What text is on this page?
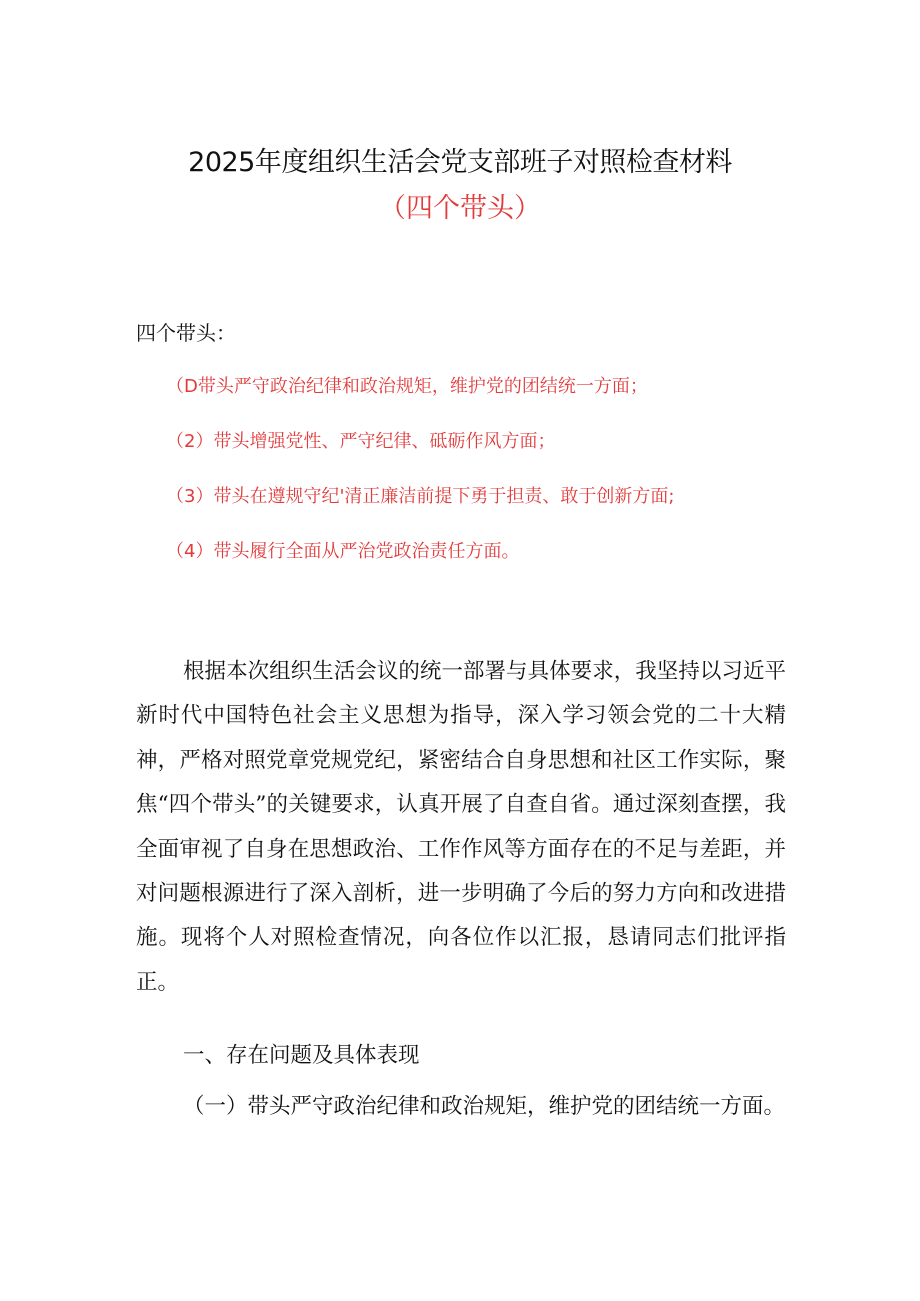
2025年度组织生活会党支部班子对照检查材料
（四个带头）
四个带头：
（D带头严守政治纪律和政治规矩，维护党的团结统一方面；
（2）带头增强党性、严守纪律、砥砺作风方面；
（3）带头在遵规守纪'清正廉洁前提下勇于担责、敢于创新方面;
（4）带头履行全面从严治党政治责任方面。

根据本次组织生活会议的统一部署与具体要求，我坚持以习近平新时代中国特色社会主义思想为指导，深入学习领会党的二十大精神，严格对照党章党规党纪，紧密结合自身思想和社区工作实际，聚焦“四个带头”的关键要求，认真开展了自查自省。通过深刻查摆，我全面审视了自身在思想政治、工作作风等方面存在的不足与差距，并对问题根源进行了深入剖析，进一步明确了今后的努力方向和改进措施。现将个人对照检查情况，向各位作以汇报，恳请同志们批评指正。

一、存在问题及具体表现

（一）带头严守政治纪律和政治规矩，维护党的团结统一方面。
